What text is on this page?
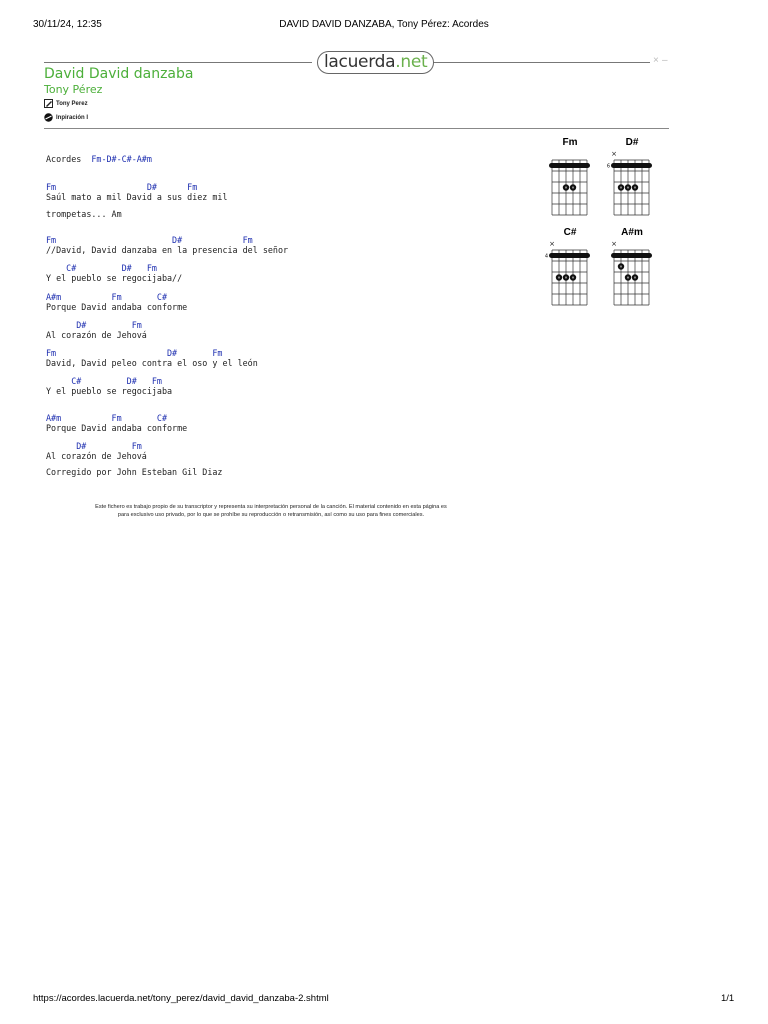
30/11/24, 12:35	DAVID DAVID DANZABA, Tony Pérez: Acordes
lacuerda.net	× –
David David danzaba
Tony Pérez
Tony Perez
Inpiración I
Acordes  Fm-D#-C#-A#m
Fm                  D#      Fm
Saúl mato a mil David a sus diez mil
trompetas... Am
Fm                       D#            Fm
//David, David danzaba en la presencia del señor
C#         D#   Fm
Y el pueblo se regocijaba//
A#m          Fm       C#
Porque David andaba conforme
D#         Fm
Al corazón de Jehová
Fm                      D#       Fm
David, David peleo contra el oso y el león
C#         D#   Fm
Y el pueblo se regocijaba
A#m          Fm       C#
Porque David andaba conforme
D#         Fm
Al corazón de Jehová
Corregido por John Esteban Gil Diaz
Este fichero es trabajo propio de su transcriptor y representa su interpretación personal de la canción. El material contenido en esta página es
para exclusivo uso privado, por lo que se prohíbe su reproducción o retransmisión, así como su uso para fines comerciales.
Fm	D#
×
6
C#
×
4
A#m
×
https://acordes.lacuerda.net/tony_perez/david_david_danzaba-2.shtml	1/1
